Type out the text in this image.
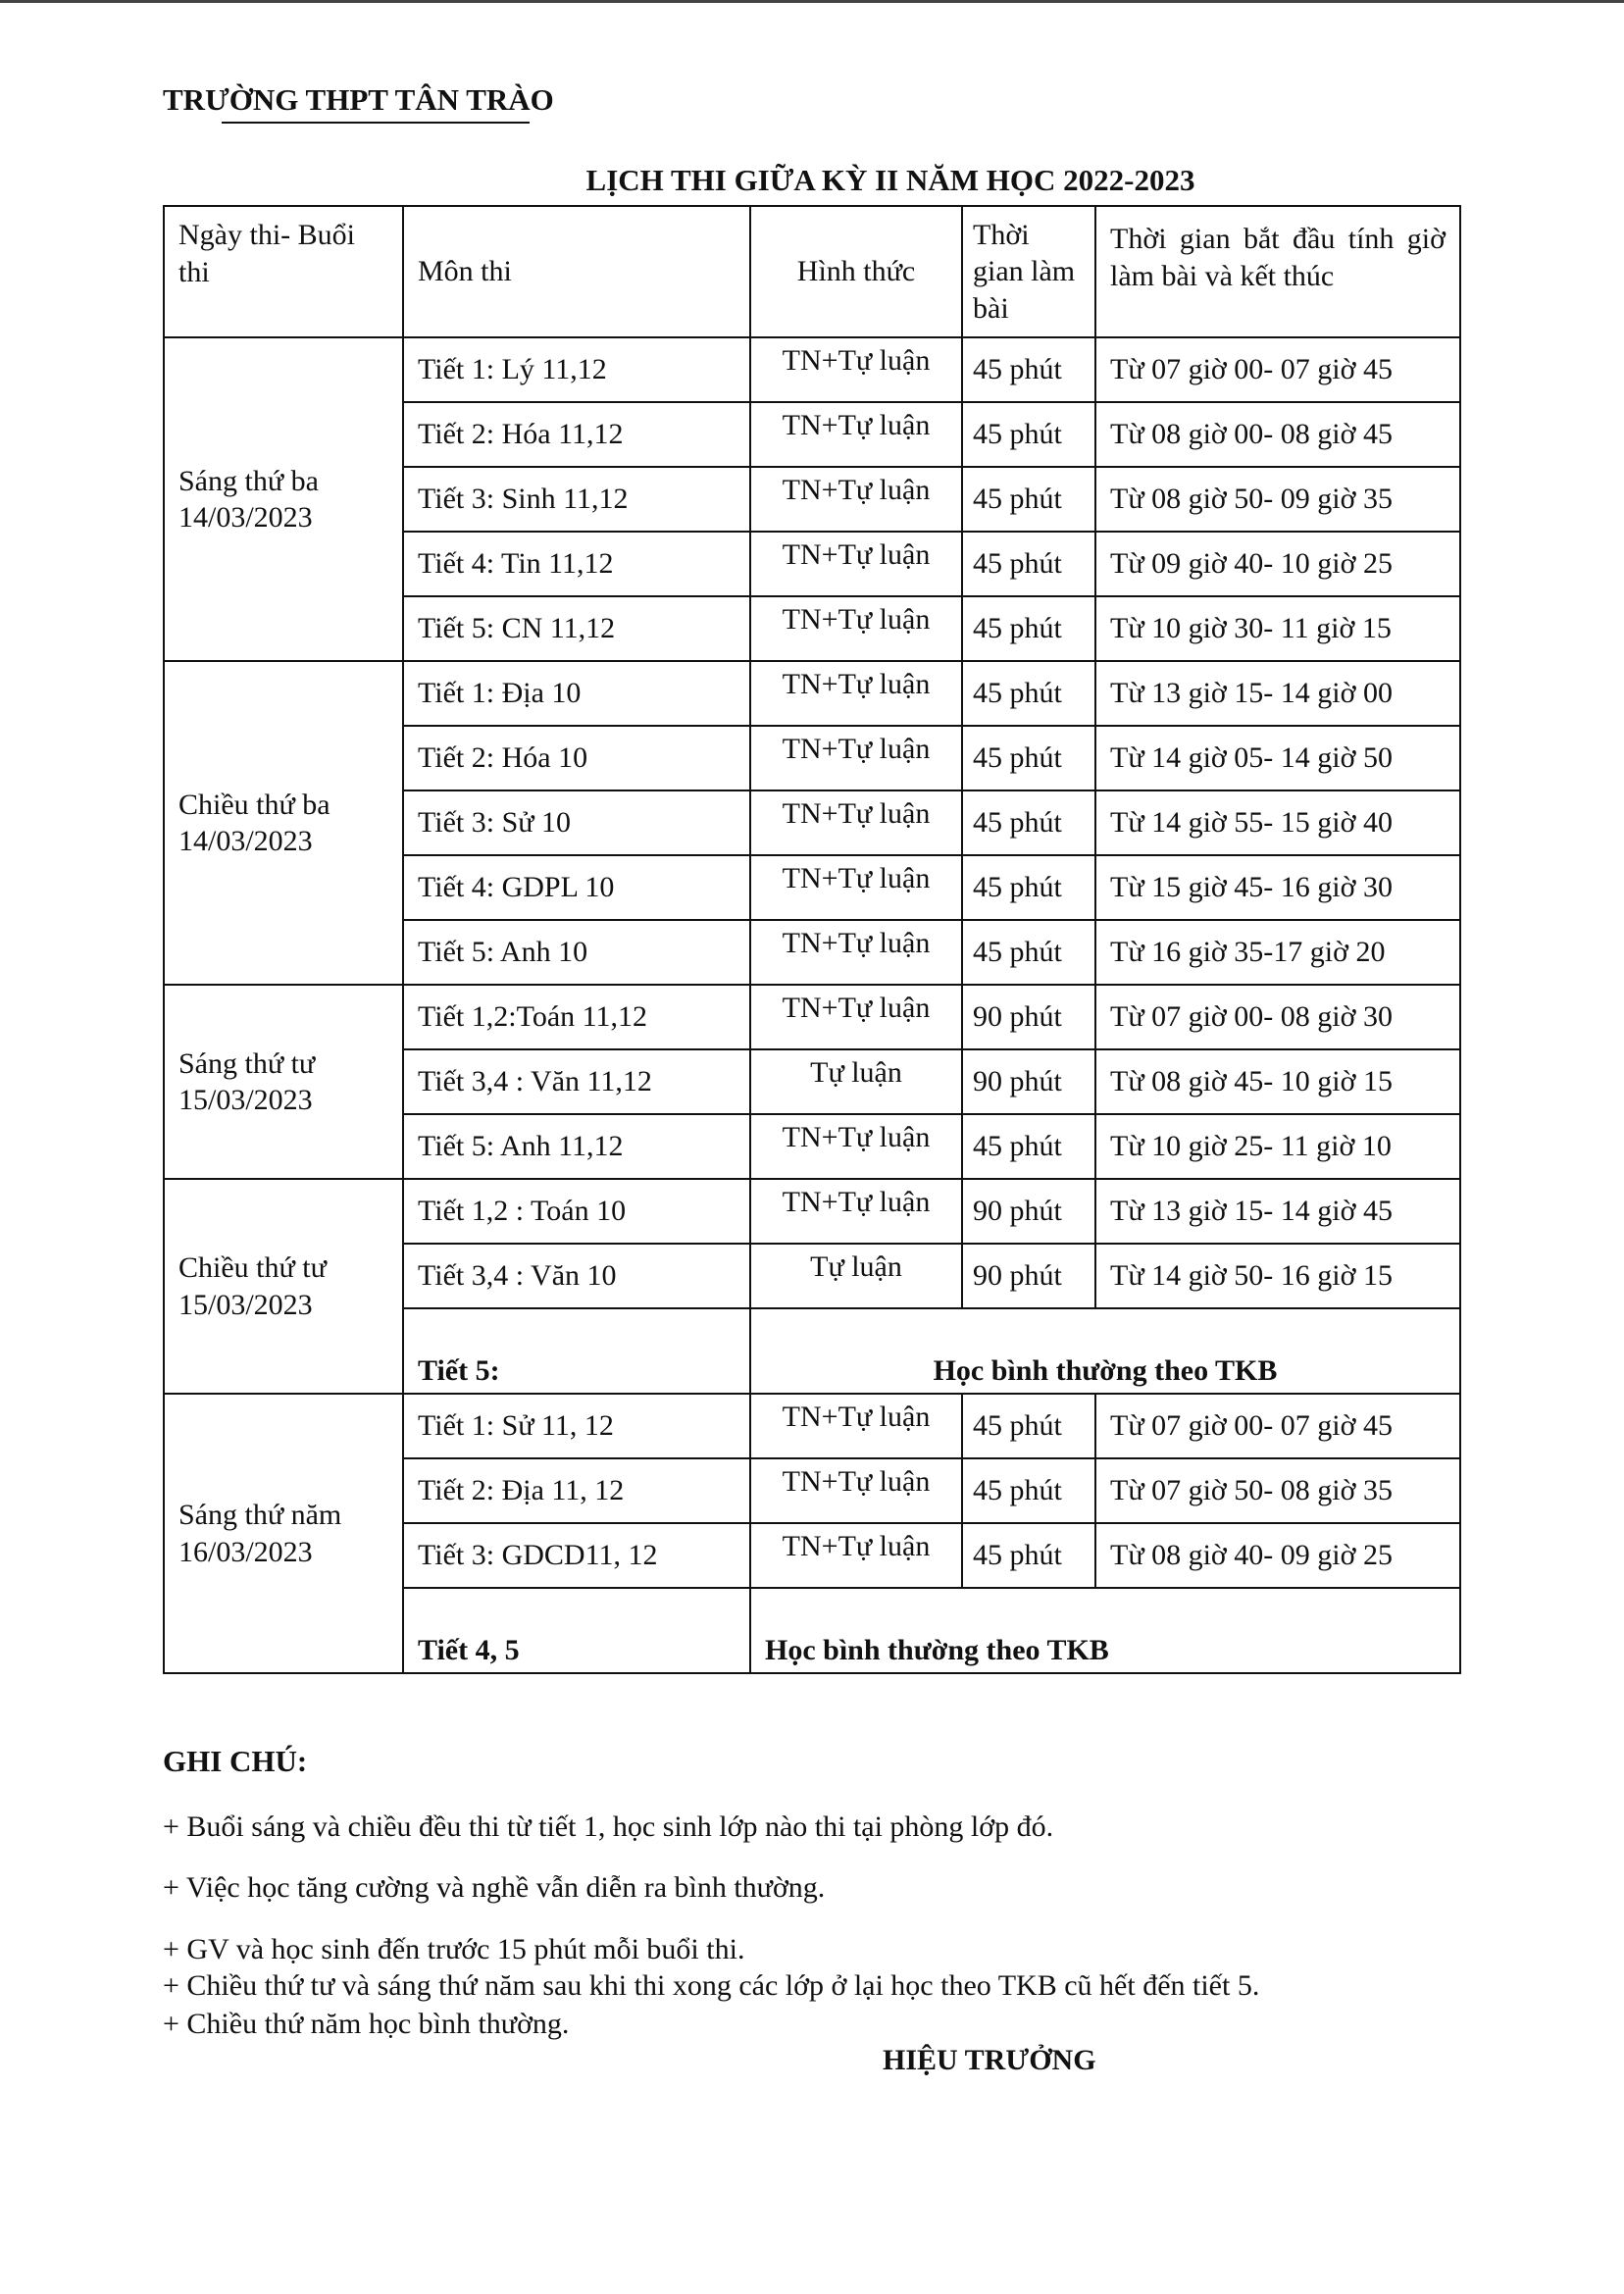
TRƯỜNG THPT TÂN TRÀO
LỊCH THI GIỮA KỲ II NĂM HỌC 2022-2023
Ngày thi- Buổi thi	Môn thi	Hình thức	Thời gian làm bài	Thời gian bắt đầu tính giờ làm bài và kết thúc
Sáng thứ ba
14/03/2023	Tiết 1: Lý 11,12	TN+Tự luận	45 phút	Từ 07 giờ 00- 07 giờ 45
	Tiết 2: Hóa 11,12	TN+Tự luận	45 phút	Từ 08 giờ 00- 08 giờ 45
	Tiết 3: Sinh 11,12	TN+Tự luận	45 phút	Từ 08 giờ 50- 09 giờ 35
	Tiết 4: Tin 11,12	TN+Tự luận	45 phút	Từ 09 giờ 40- 10 giờ 25
	Tiết 5: CN 11,12	TN+Tự luận	45 phút	Từ 10 giờ 30- 11 giờ 15
Chiều thứ ba
14/03/2023	Tiết 1: Địa 10	TN+Tự luận	45 phút	Từ 13 giờ 15- 14 giờ 00
	Tiết 2: Hóa 10	TN+Tự luận	45 phút	Từ 14 giờ 05- 14 giờ 50
	Tiết 3: Sử 10	TN+Tự luận	45 phút	Từ 14 giờ 55- 15 giờ 40
	Tiết 4: GDPL 10	TN+Tự luận	45 phút	Từ 15 giờ 45- 16 giờ 30
	Tiết 5: Anh 10	TN+Tự luận	45 phút	Từ 16 giờ 35-17 giờ 20
Sáng thứ tư
15/03/2023	Tiết 1,2:Toán 11,12	TN+Tự luận	90 phút	Từ 07 giờ 00- 08 giờ 30
	Tiết 3,4 : Văn 11,12	Tự luận	90 phút	Từ 08 giờ 45- 10 giờ 15
	Tiết 5: Anh 11,12	TN+Tự luận	45 phút	Từ 10 giờ 25- 11 giờ 10
Chiều thứ tư
15/03/2023	Tiết 1,2 : Toán 10	TN+Tự luận	90 phút	Từ 13 giờ 15- 14 giờ 45
	Tiết 3,4 : Văn 10	Tự luận	90 phút	Từ 14 giờ 50- 16 giờ 15
	Tiết 5:	Học bình thường theo TKB		
Sáng thứ năm
16/03/2023	Tiết 1: Sử 11, 12	TN+Tự luận	45 phút	Từ 07 giờ 00- 07 giờ 45
	Tiết 2: Địa 11, 12	TN+Tự luận	45 phút	Từ 07 giờ 50- 08 giờ 35
	Tiết 3: GDCD11, 12	TN+Tự luận	45 phút	Từ 08 giờ 40- 09 giờ 25
	Tiết 4, 5	Học bình thường theo TKB		
GHI CHÚ:
+ Buổi sáng và chiều đều thi từ tiết 1, học sinh lớp nào thi tại phòng lớp đó.
+ Việc học tăng cường và nghề vẫn diễn ra bình thường.
+ GV và học sinh đến trước 15 phút mỗi buổi thi.
+ Chiều thứ tư và sáng thứ năm sau khi thi xong các lớp ở lại học theo TKB cũ hết đến tiết 5.
+ Chiều thứ năm học bình thường.
HIỆU TRƯỞNG
